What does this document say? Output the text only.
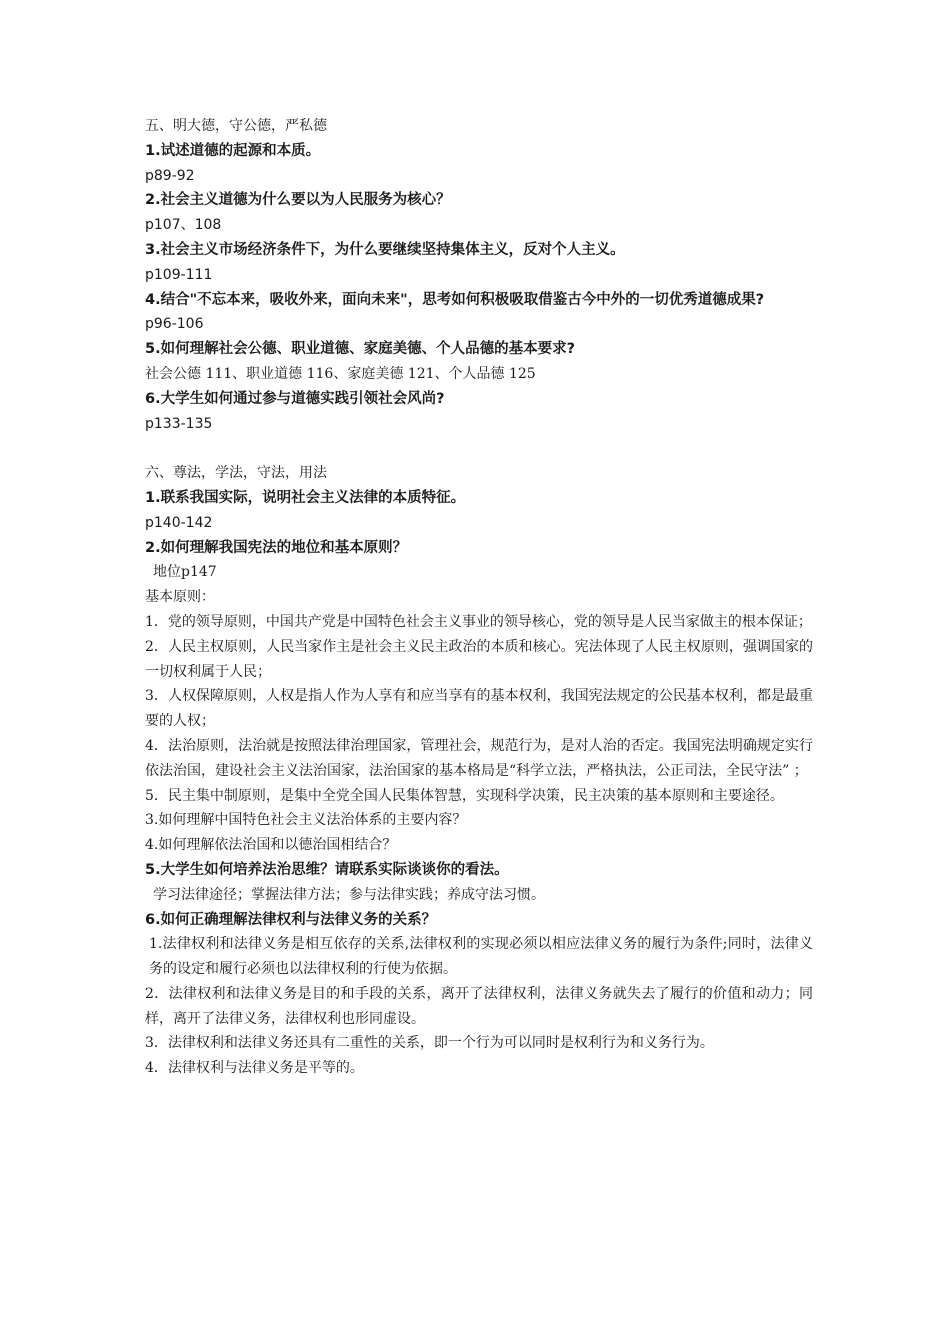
五、明大德，守公德，严私德

1.试述道德的起源和本质。

p89-92

2.社会主义道德为什么要以为人民服务为核心？

p107、108

3.社会主义市场经济条件下，为什么要继续坚持集体主义，反对个人主义。

p109-111

4.结合"不忘本来，吸收外来，面向未来"，思考如何积极吸取借鉴古今中外的一切优秀道德成果?

p96-106

5.如何理解社会公德、职业道德、家庭美德、个人品德的基本要求?

社会公德 111、职业道德 116、家庭美德 121、个人品德 125

6.大学生如何通过参与道德实践引领社会风尚?

p133-135

六、尊法，学法，守法，用法

1.联系我国实际，说明社会主义法律的本质特征。

p140-142

2.如何理解我国宪法的地位和基本原则？

地位p147

基本原则：

1．党的领导原则，中国共产党是中国特色社会主义事业的领导核心，党的领导是人民当家做主的根本保证；

2．人民主权原则，人民当家作主是社会主义民主政治的本质和核心。宪法体现了人民主权原则，强调国家的一切权利属于人民；

3．人权保障原则，人权是指人作为人享有和应当享有的基本权利，我国宪法规定的公民基本权利，都是最重要的人权；

4．法治原则，法治就是按照法律治理国家，管理社会，规范行为，是对人治的否定。我国宪法明确规定实行依法治国，建设社会主义法治国家，法治国家的基本格局是“科学立法，严格执法，公正司法，全民守法” ；

5．民主集中制原则，是集中全党全国人民集体智慧，实现科学决策，民主决策的基本原则和主要途径。

3.如何理解中国特色社会主义法治体系的主要内容？

4.如何理解依法治国和以德治国相结合？

5.大学生如何培养法治思维？请联系实际谈谈你的看法。

学习法律途径；掌握法律方法；参与法律实践；养成守法习惯。

6.如何正确理解法律权利与法律义务的关系？

1.法律权利和法律义务是相互依存的关系,法律权利的实现必须以相应法律义务的履行为条件;同时，法律义务的设定和履行必须也以法律权利的行使为依据。

2．法律权利和法律义务是目的和手段的关系，离开了法律权利，法律义务就失去了履行的价值和动力；同样，离开了法律义务，法律权利也形同虚设。

3．法律权利和法律义务还具有二重性的关系，即一个行为可以同时是权利行为和义务行为。

4．法律权利与法律义务是平等的。
